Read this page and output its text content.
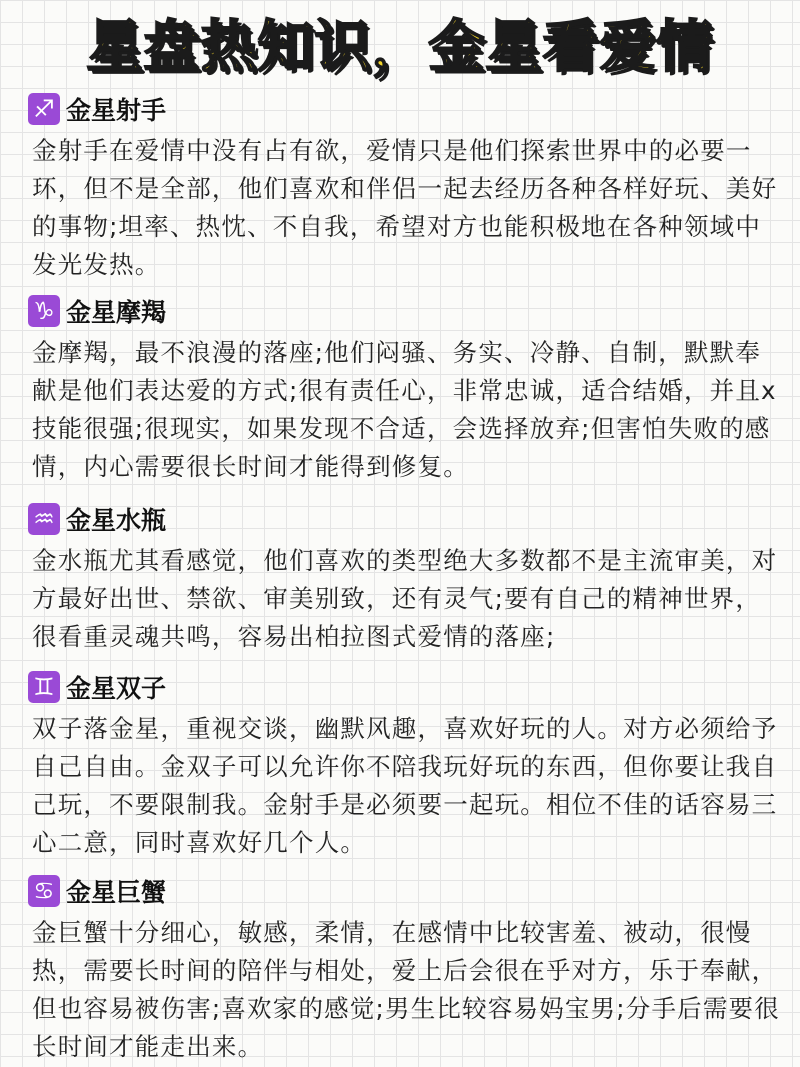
星盘热知识，金星看爱情
♐ 金星射手
金射手在爱情中没有占有欲，爱情只是他们探索世界中的必要一环，但不是全部，他们喜欢和伴侣一起去经历各种各样好玩、美好的事物;坦率、热忱、不自我，希望对方也能积极地在各种领域中发光发热。
♑ 金星摩羯
金摩羯，最不浪漫的落座;他们闷骚、务实、冷静、自制，默默奉献是他们表达爱的方式;很有责任心，非常忠诚，适合结婚，并且x技能很强;很现实，如果发现不合适，会选择放弃;但害怕失败的感情，内心需要很长时间才能得到修复。
♒ 金星水瓶
金水瓶尤其看感觉，他们喜欢的类型绝大多数都不是主流审美，对方最好出世、禁欲、审美别致，还有灵气;要有自己的精神世界，很看重灵魂共鸣，容易出柏拉图式爱情的落座;
♊ 金星双子
双子落金星，重视交谈，幽默风趣，喜欢好玩的人。对方必须给予自己自由。金双子可以允许你不陪我玩好玩的东西，但你要让我自己玩，不要限制我。金射手是必须要一起玩。相位不佳的话容易三心二意，同时喜欢好几个人。
♋ 金星巨蟹
金巨蟹十分细心，敏感，柔情，在感情中比较害羞、被动，很慢热，需要长时间的陪伴与相处，爱上后会很在乎对方，乐于奉献，但也容易被伤害;喜欢家的感觉;男生比较容易妈宝男;分手后需要很长时间才能走出来。
